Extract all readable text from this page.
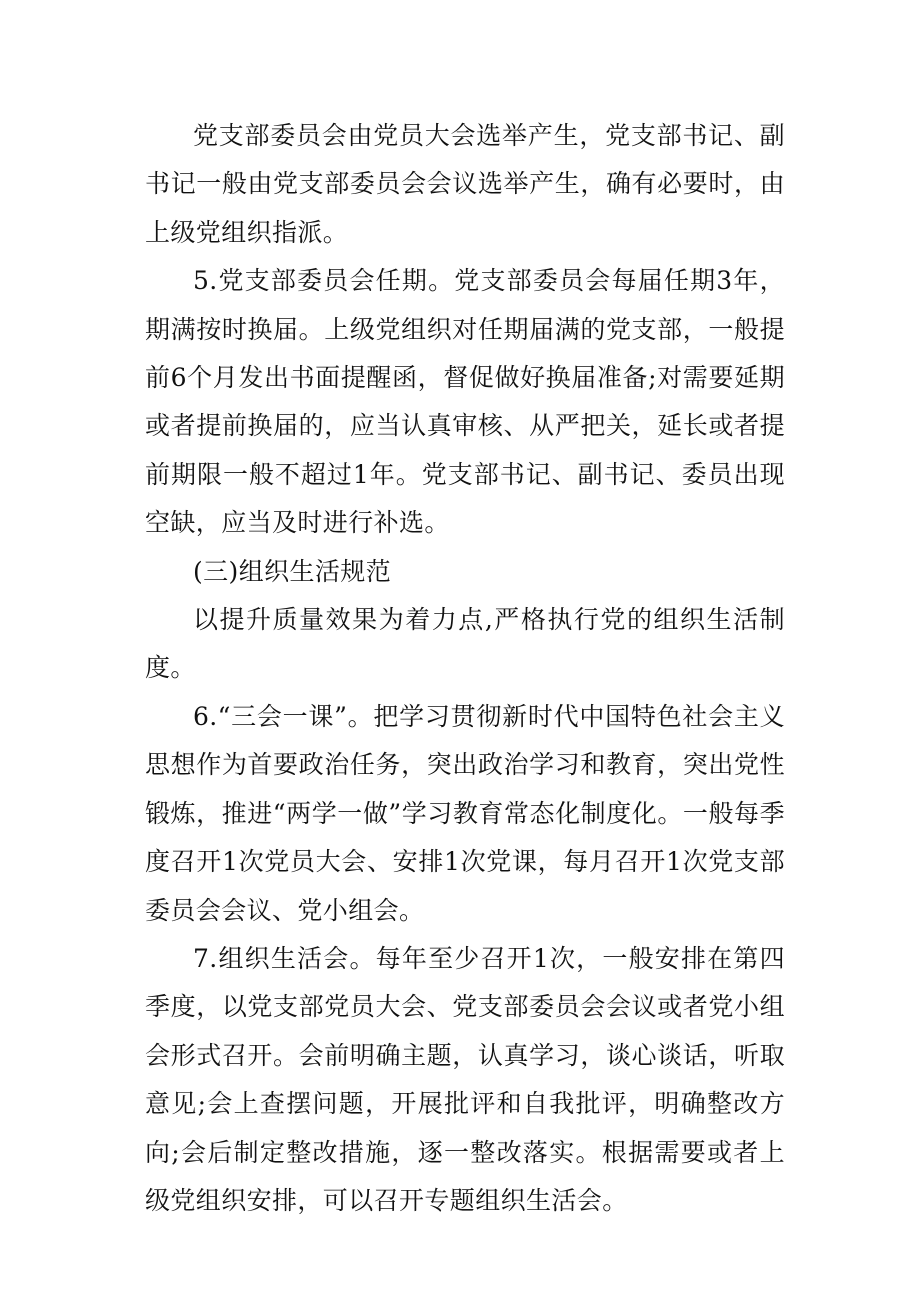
党支部委员会由党员大会选举产生，党支部书记、副书记一般由党支部委员会会议选举产生，确有必要时，由上级党组织指派。

5.党支部委员会任期。党支部委员会每届任期3年，期满按时换届。上级党组织对任期届满的党支部，一般提前6个月发出书面提醒函，督促做好换届准备;对需要延期或者提前换届的，应当认真审核、从严把关，延长或者提前期限一般不超过1年。党支部书记、副书记、委员出现空缺，应当及时进行补选。

(三)组织生活规范

以提升质量效果为着力点,严格执行党的组织生活制度。

6.“三会一课”。把学习贯彻新时代中国特色社会主义思想作为首要政治任务，突出政治学习和教育，突出党性锻炼，推进“两学一做”学习教育常态化制度化。一般每季度召开1次党员大会、安排1次党课，每月召开1次党支部委员会会议、党小组会。

7.组织生活会。每年至少召开1次，一般安排在第四季度，以党支部党员大会、党支部委员会会议或者党小组会形式召开。会前明确主题，认真学习，谈心谈话，听取意见;会上查摆问题，开展批评和自我批评，明确整改方向;会后制定整改措施，逐一整改落实。根据需要或者上级党组织安排，可以召开专题组织生活会。
